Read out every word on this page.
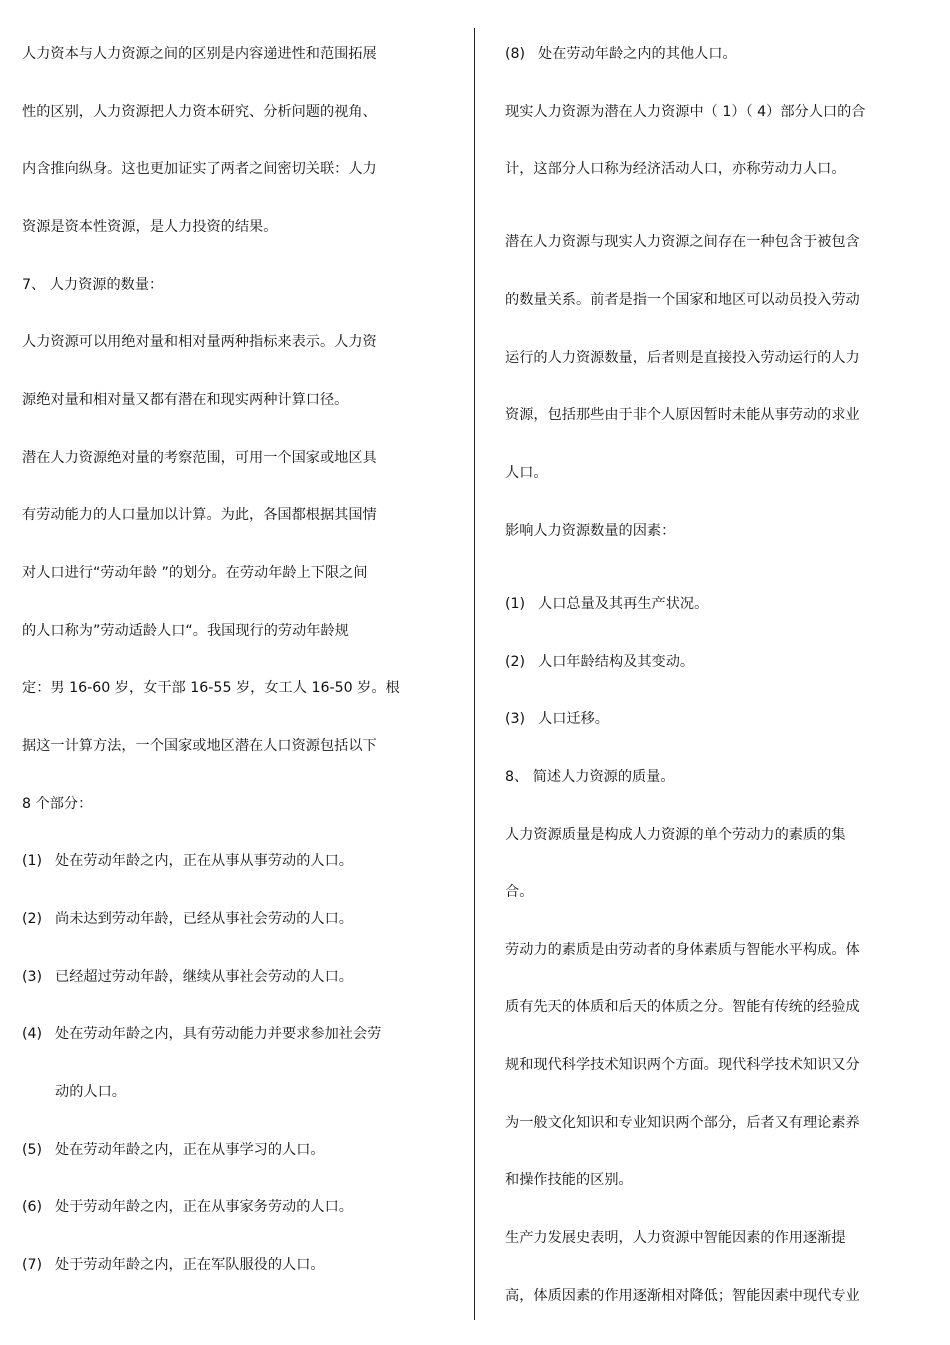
人力资本与人力资源之间的区别是内容递进性和范围拓展
性的区别，人力资源把人力资本研究、分析问题的视角、
内含推向纵身。这也更加证实了两者之间密切关联：人力
资源是资本性资源，是人力投资的结果。
7、 人力资源的数量：
人力资源可以用绝对量和相对量两种指标来表示。人力资
源绝对量和相对量又都有潜在和现实两种计算口径。
潜在人力资源绝对量的考察范围，可用一个国家或地区具
有劳动能力的人口量加以计算。为此，各国都根据其国情
对人口进行“劳动年龄 ”的划分。在劳动年龄上下限之间
的人口称为”劳动适龄人口“。我国现行的劳动年龄规
定：男 16-60 岁，女干部 16-55 岁，女工人 16-50 岁。根
据这一计算方法，一个国家或地区潜在人口资源包括以下
8 个部分：
(1) 处在劳动年龄之内，正在从事从事劳动的人口。
(2) 尚未达到劳动年龄，已经从事社会劳动的人口。
(3) 已经超过劳动年龄，继续从事社会劳动的人口。
(4) 处在劳动年龄之内，具有劳动能力并要求参加社会劳
动的人口。
(5) 处在劳动年龄之内，正在从事学习的人口。
(6) 处于劳动年龄之内，正在从事家务劳动的人口。
(7) 处于劳动年龄之内，正在军队服役的人口。
(8) 处在劳动年龄之内的其他人口。
现实人力资源为潜在人力资源中（ 1）（ 4）部分人口的合
计，这部分人口称为经济活动人口，亦称劳动力人口。
潜在人力资源与现实人力资源之间存在一种包含于被包含
的数量关系。前者是指一个国家和地区可以动员投入劳动
运行的人力资源数量，后者则是直接投入劳动运行的人力
资源，包括那些由于非个人原因暂时未能从事劳动的求业
人口。
影响人力资源数量的因素：
(1) 人口总量及其再生产状况。
(2) 人口年龄结构及其变动。
(3) 人口迁移。
8、 简述人力资源的质量。
人力资源质量是构成人力资源的单个劳动力的素质的集
合。
劳动力的素质是由劳动者的身体素质与智能水平构成。体
质有先天的体质和后天的体质之分。智能有传统的经验成
规和现代科学技术知识两个方面。现代科学技术知识又分
为一般文化知识和专业知识两个部分，后者又有理论素养
和操作技能的区别。
生产力发展史表明，人力资源中智能因素的作用逐渐提
高，体质因素的作用逐渐相对降低；智能因素中现代专业
